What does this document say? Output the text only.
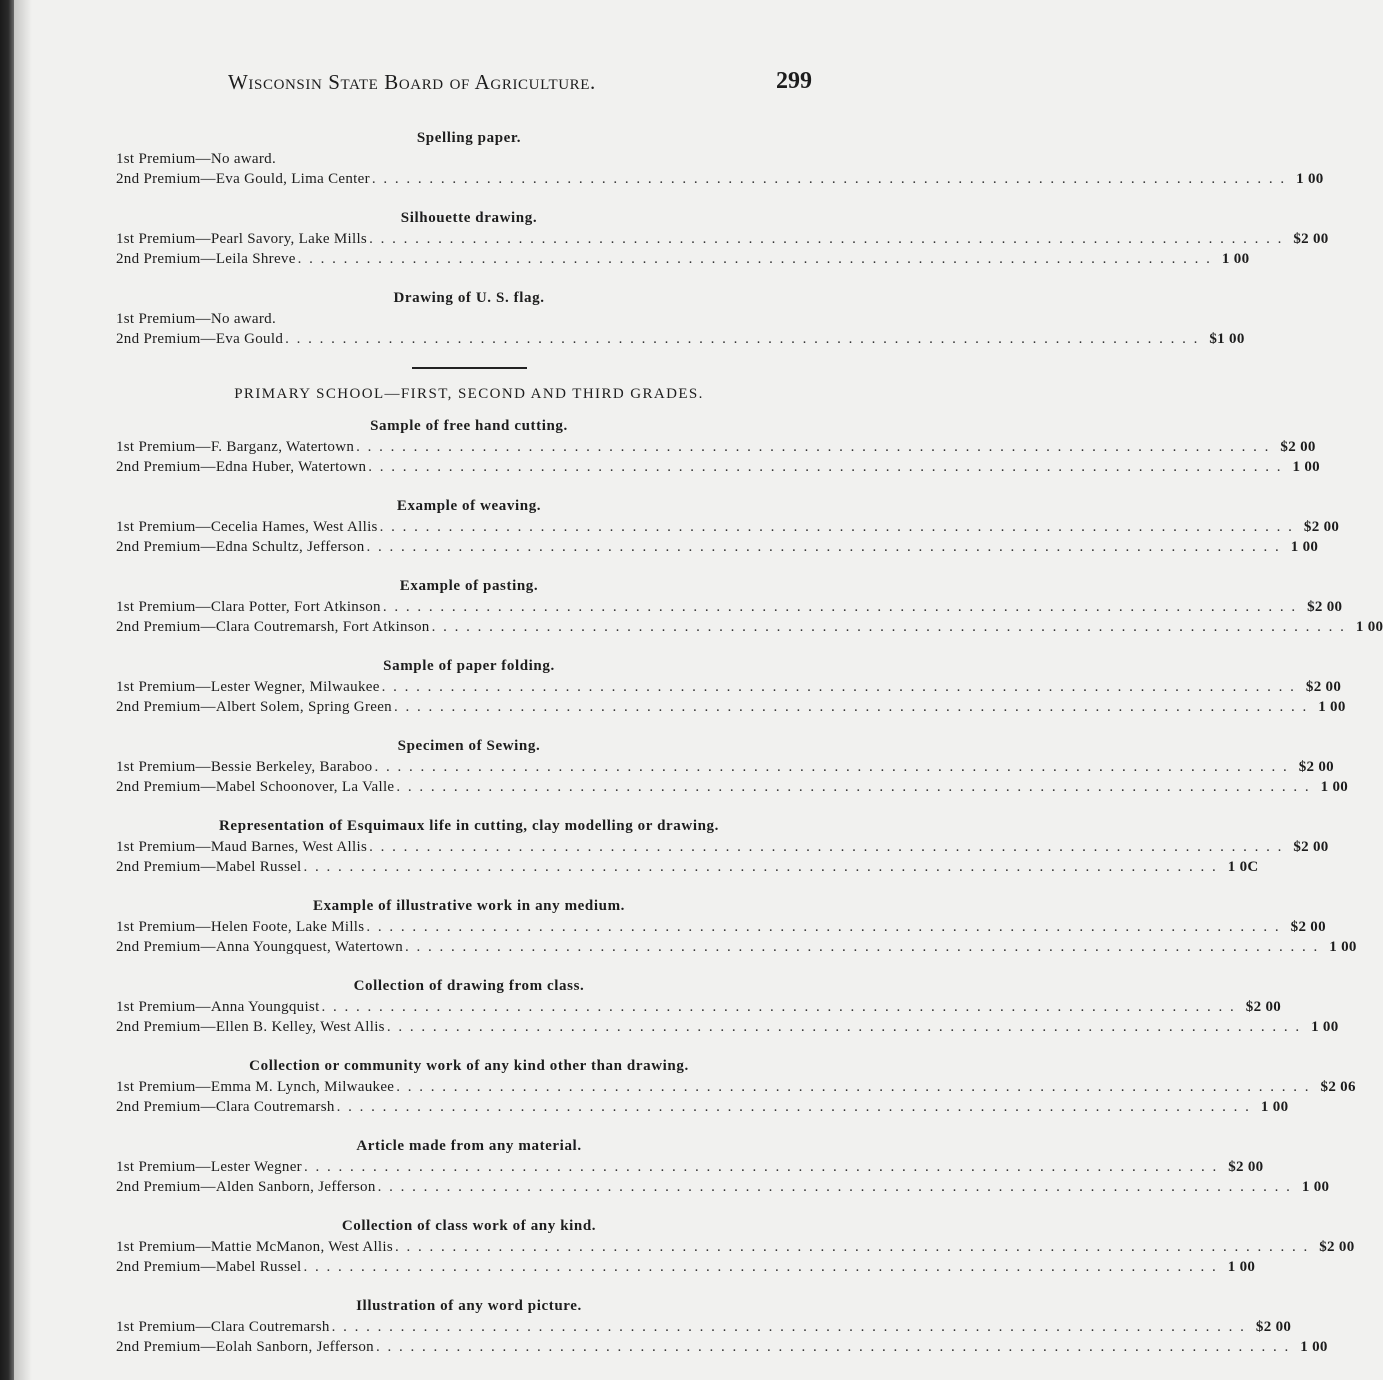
Wisconsin State Board of Agriculture.	299
Spelling paper.
1st Premium—No award.
2nd Premium—Eva Gould, Lima Center . . . . . . . . . . . . . . . . . . . . . . . . . . . . . . . . . . . . . . . . . . . . . . . . . . . . . . . . . . . . . . . . . . . . . . . . . . . . . . . . 1 00
Silhouette drawing.
1st Premium—Pearl Savory, Lake Mills . . . . . . . . . . . . . . . . . . . . . . . . . . . . . . . . . . . . . . . . . . . . . . . . . . . . . . . . . . . . . . . . . . . . . . . . . . . . . . . . $2 00
2nd Premium—Leila Shreve . . . . . . . . . . . . . . . . . . . . . . . . . . . . . . . . . . . . . . . . . . . . . . . . . . . . . . . . . . . . . . . . . . . . . . . . . . . . . . . . 1 00
Drawing of U. S. flag.
1st Premium—No award.
2nd Premium—Eva Gould . . . . . . . . . . . . . . . . . . . . . . . . . . . . . . . . . . . . . . . . . . . . . . . . . . . . . . . . . . . . . . . . . . . . . . . . . . . . . . . . $1 00
PRIMARY SCHOOL—FIRST, SECOND AND THIRD GRADES.
Sample of free hand cutting.
1st Premium—F. Barganz, Watertown . . . . . . . . . . . . . . . . . . . . . . . . . . . . . . . . . . . . . . . . . . . . . . . . . . . . . . . . . . . . . . . . . . . . . . . . . . . . . . . . $2 00
2nd Premium—Edna Huber, Watertown . . . . . . . . . . . . . . . . . . . . . . . . . . . . . . . . . . . . . . . . . . . . . . . . . . . . . . . . . . . . . . . . . . . . . . . . . . . . . . . . 1 00
Example of weaving.
1st Premium—Cecelia Hames, West Allis . . . . . . . . . . . . . . . . . . . . . . . . . . . . . . . . . . . . . . . . . . . . . . . . . . . . . . . . . . . . . . . . . . . . . . . . . . . . . . . . $2 00
2nd Premium—Edna Schultz, Jefferson . . . . . . . . . . . . . . . . . . . . . . . . . . . . . . . . . . . . . . . . . . . . . . . . . . . . . . . . . . . . . . . . . . . . . . . . . . . . . . . . 1 00
Example of pasting.
1st Premium—Clara Potter, Fort Atkinson . . . . . . . . . . . . . . . . . . . . . . . . . . . . . . . . . . . . . . . . . . . . . . . . . . . . . . . . . . . . . . . . . . . . . . . . . . . . . . . . $2 00
2nd Premium—Clara Coutremarsh, Fort Atkinson . . . . . . . . . . . . . . . . . . . . . . . . . . . . . . . . . . . . . . . . . . . . . . . . . . . . . . . . . . . . . . . . . . . . . . . . . . . . . . . . 1 00
Sample of paper folding.
1st Premium—Lester Wegner, Milwaukee . . . . . . . . . . . . . . . . . . . . . . . . . . . . . . . . . . . . . . . . . . . . . . . . . . . . . . . . . . . . . . . . . . . . . . . . . . . . . . . . $2 00
2nd Premium—Albert Solem, Spring Green . . . . . . . . . . . . . . . . . . . . . . . . . . . . . . . . . . . . . . . . . . . . . . . . . . . . . . . . . . . . . . . . . . . . . . . . . . . . . . . . 1 00
Specimen of Sewing.
1st Premium—Bessie Berkeley, Baraboo . . . . . . . . . . . . . . . . . . . . . . . . . . . . . . . . . . . . . . . . . . . . . . . . . . . . . . . . . . . . . . . . . . . . . . . . . . . . . . . . $2 00
2nd Premium—Mabel Schoonover, La Valle . . . . . . . . . . . . . . . . . . . . . . . . . . . . . . . . . . . . . . . . . . . . . . . . . . . . . . . . . . . . . . . . . . . . . . . . . . . . . . . . 1 00
Representation of Esquimaux life in cutting, clay modelling or drawing.
1st Premium—Maud Barnes, West Allis . . . . . . . . . . . . . . . . . . . . . . . . . . . . . . . . . . . . . . . . . . . . . . . . . . . . . . . . . . . . . . . . . . . . . . . . . . . . . . . . $2 00
2nd Premium—Mabel Russel . . . . . . . . . . . . . . . . . . . . . . . . . . . . . . . . . . . . . . . . . . . . . . . . . . . . . . . . . . . . . . . . . . . . . . . . . . . . . . . . 1 0C
Example of illustrative work in any medium.
1st Premium—Helen Foote, Lake Mills . . . . . . . . . . . . . . . . . . . . . . . . . . . . . . . . . . . . . . . . . . . . . . . . . . . . . . . . . . . . . . . . . . . . . . . . . . . . . . . . $2 00
2nd Premium—Anna Youngquest, Watertown . . . . . . . . . . . . . . . . . . . . . . . . . . . . . . . . . . . . . . . . . . . . . . . . . . . . . . . . . . . . . . . . . . . . . . . . . . . . . . . . 1 00
Collection of drawing from class.
1st Premium—Anna Youngquist . . . . . . . . . . . . . . . . . . . . . . . . . . . . . . . . . . . . . . . . . . . . . . . . . . . . . . . . . . . . . . . . . . . . . . . . . . . . . . . . $2 00
2nd Premium—Ellen B. Kelley, West Allis . . . . . . . . . . . . . . . . . . . . . . . . . . . . . . . . . . . . . . . . . . . . . . . . . . . . . . . . . . . . . . . . . . . . . . . . . . . . . . . . 1 00
Collection or community work of any kind other than drawing.
1st Premium—Emma M. Lynch, Milwaukee . . . . . . . . . . . . . . . . . . . . . . . . . . . . . . . . . . . . . . . . . . . . . . . . . . . . . . . . . . . . . . . . . . . . . . . . . . . . . . . . $2 06
2nd Premium—Clara Coutremarsh . . . . . . . . . . . . . . . . . . . . . . . . . . . . . . . . . . . . . . . . . . . . . . . . . . . . . . . . . . . . . . . . . . . . . . . . . . . . . . . . 1 00
Article made from any material.
1st Premium—Lester Wegner . . . . . . . . . . . . . . . . . . . . . . . . . . . . . . . . . . . . . . . . . . . . . . . . . . . . . . . . . . . . . . . . . . . . . . . . . . . . . . . . $2 00
2nd Premium—Alden Sanborn, Jefferson . . . . . . . . . . . . . . . . . . . . . . . . . . . . . . . . . . . . . . . . . . . . . . . . . . . . . . . . . . . . . . . . . . . . . . . . . . . . . . . . 1 00
Collection of class work of any kind.
1st Premium—Mattie McManon, West Allis . . . . . . . . . . . . . . . . . . . . . . . . . . . . . . . . . . . . . . . . . . . . . . . . . . . . . . . . . . . . . . . . . . . . . . . . . . . . . . . . $2 00
2nd Premium—Mabel Russel . . . . . . . . . . . . . . . . . . . . . . . . . . . . . . . . . . . . . . . . . . . . . . . . . . . . . . . . . . . . . . . . . . . . . . . . . . . . . . . . 1 00
Illustration of any word picture.
1st Premium—Clara Coutremarsh . . . . . . . . . . . . . . . . . . . . . . . . . . . . . . . . . . . . . . . . . . . . . . . . . . . . . . . . . . . . . . . . . . . . . . . . . . . . . . . . $2 00
2nd Premium—Eolah Sanborn, Jefferson . . . . . . . . . . . . . . . . . . . . . . . . . . . . . . . . . . . . . . . . . . . . . . . . . . . . . . . . . . . . . . . . . . . . . . . . . . . . . . . . 1 00
